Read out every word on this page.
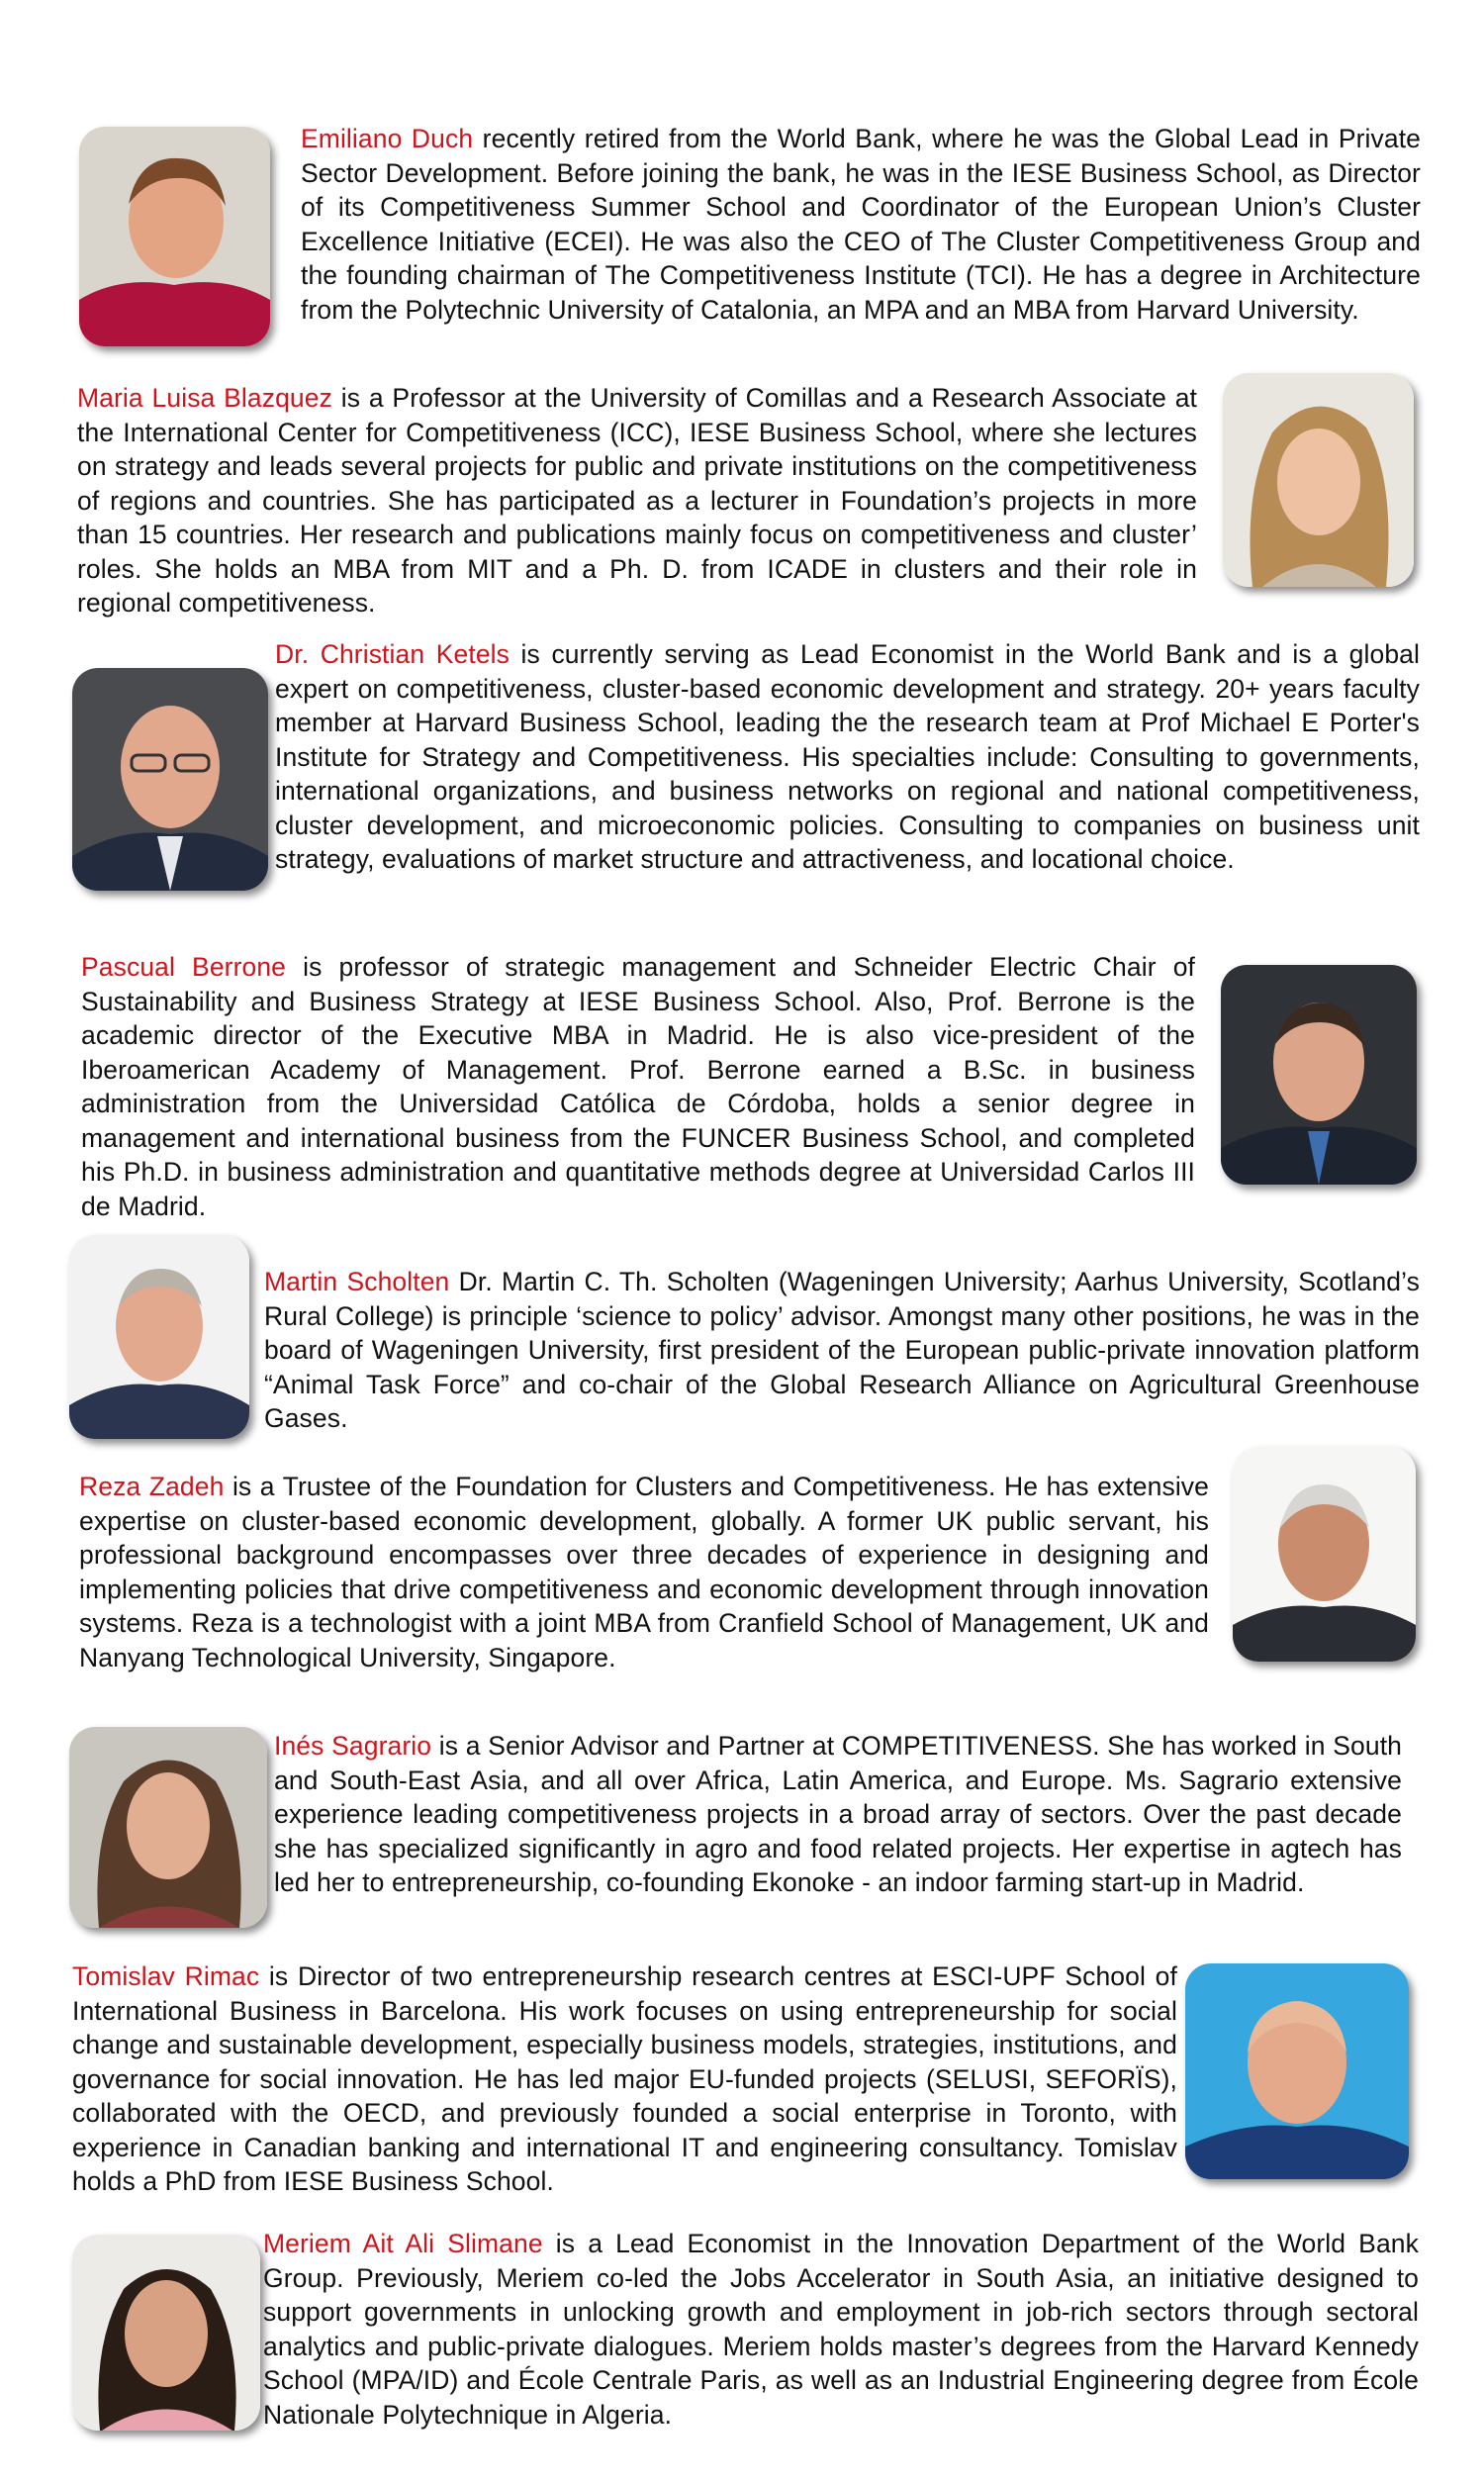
Emiliano Duch recently retired from the World Bank, where he was the Global Lead in Private Sector Development. Before joining the bank, he was in the IESE Business School, as Director of its Competitiveness Summer School and Coordinator of the European Union’s Cluster Excellence Initiative (ECEI). He was also the CEO of The Cluster Competitiveness Group and the founding chairman of The Competitiveness Institute (TCI). He has a degree in Architecture from the Polytechnic University of Catalonia, an MPA and an MBA from Harvard University.

Maria Luisa Blazquez is a Professor at the University of Comillas and a Research Associate at the International Center for Competitiveness (ICC), IESE Business School, where she lectures on strategy and leads several projects for public and private institutions on the competitiveness of regions and countries. She has participated as a lecturer in Foundation’s projects in more than 15 countries. Her research and publications mainly focus on competitiveness and cluster’ roles. She holds an MBA from MIT and a Ph. D. from ICADE in clusters and their role in regional competitiveness.

Dr. Christian Ketels is currently serving as Lead Economist in the World Bank and is a global expert on competitiveness, cluster-based economic development and strategy. 20+ years faculty member at Harvard Business School, leading the the research team at Prof Michael E Porter's Institute for Strategy and Competitiveness. His specialties include: Consulting to governments, international organizations, and business networks on regional and national competitiveness, cluster development, and microeconomic policies. Consulting to companies on business unit strategy, evaluations of market structure and attractiveness, and locational choice.

Pascual Berrone is professor of strategic management and Schneider Electric Chair of Sustainability and Business Strategy at IESE Business School. Also, Prof. Berrone is the academic director of the Executive MBA in Madrid. He is also vice-president of the Iberoamerican Academy of Management. Prof. Berrone earned a B.Sc. in business administration from the Universidad Católica de Córdoba, holds a senior degree in management and international business from the FUNCER Business School, and completed his Ph.D. in business administration and quantitative methods degree at Universidad Carlos III de Madrid.

Martin Scholten Dr. Martin C. Th. Scholten (Wageningen University; Aarhus University, Scotland’s Rural College) is principle ‘science to policy’ advisor. Amongst many other positions, he was in the board of Wageningen University, first president of the European public-private innovation platform “Animal Task Force” and co-chair of the Global Research Alliance on Agricultural Greenhouse Gases.

Reza Zadeh is a Trustee of the Foundation for Clusters and Competitiveness. He has extensive expertise on cluster-based economic development, globally. A former UK public servant, his professional background encompasses over three decades of experience in designing and implementing policies that drive competitiveness and economic development through innovation systems. Reza is a technologist with a joint MBA from Cranfield School of Management, UK and Nanyang Technological University, Singapore.

Inés Sagrario is a Senior Advisor and Partner at COMPETITIVENESS. She has worked in South and South-East Asia, and all over Africa, Latin America, and Europe. Ms. Sagrario extensive experience leading competitiveness projects in a broad array of sectors. Over the past decade she has specialized significantly in agro and food related projects. Her expertise in agtech has led her to entrepreneurship, co-founding Ekonoke - an indoor farming start-up in Madrid.

Tomislav Rimac is Director of two entrepreneurship research centres at ESCI-UPF School of International Business in Barcelona. His work focuses on using entrepreneurship for social change and sustainable development, especially business models, strategies, institutions, and governance for social innovation. He has led major EU-funded projects (SELUSI, SEFORÏS), collaborated with the OECD, and previously founded a social enterprise in Toronto, with experience in Canadian banking and international IT and engineering consultancy. Tomislav holds a PhD from IESE Business School.

Meriem Ait Ali Slimane is a Lead Economist in the Innovation Department of the World Bank Group. Previously, Meriem co-led the Jobs Accelerator in South Asia, an initiative designed to support governments in unlocking growth and employment in job-rich sectors through sectoral analytics and public-private dialogues. Meriem holds master’s degrees from the Harvard Kennedy School (MPA/ID) and École Centrale Paris, as well as an Industrial Engineering degree from École Nationale Polytechnique in Algeria.
